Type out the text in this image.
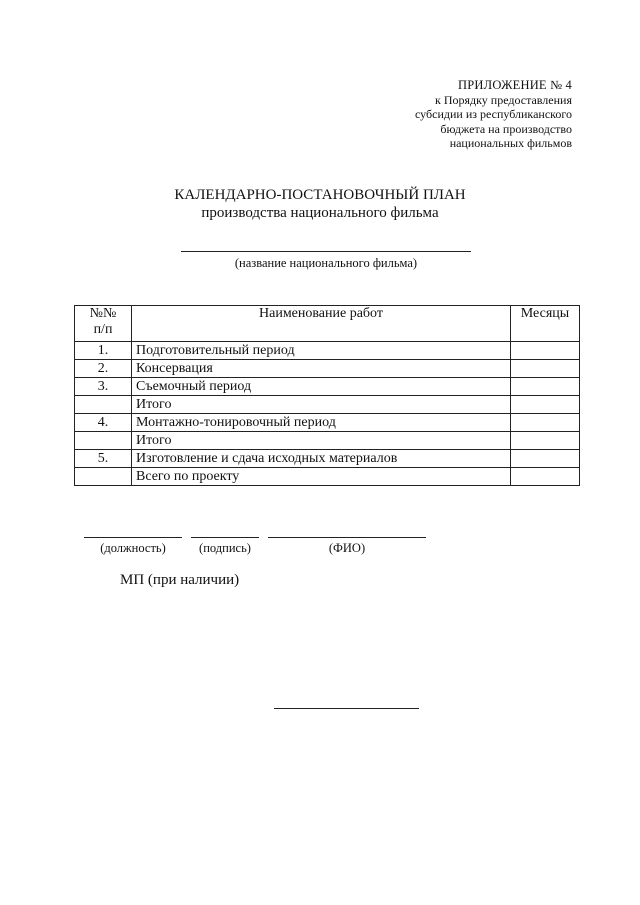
ПРИЛОЖЕНИЕ № 4
к Порядку предоставления
субсидии из республиканского
бюджета на производство
национальных фильмов
КАЛЕНДАРНО-ПОСТАНОВОЧНЫЙ ПЛАН
производства национального фильма
(название национального фильма)
№№
п/п	Наименование работ	Месяцы
1.	Подготовительный период	
2.	Консервация	
3.	Съемочный период	
	Итого	
4.	Монтажно-тонировочный период	
	Итого	
5.	Изготовление и сдача исходных материалов	
	Всего по проекту	
(должность)	(подпись)	(ФИО)
МП (при наличии)
